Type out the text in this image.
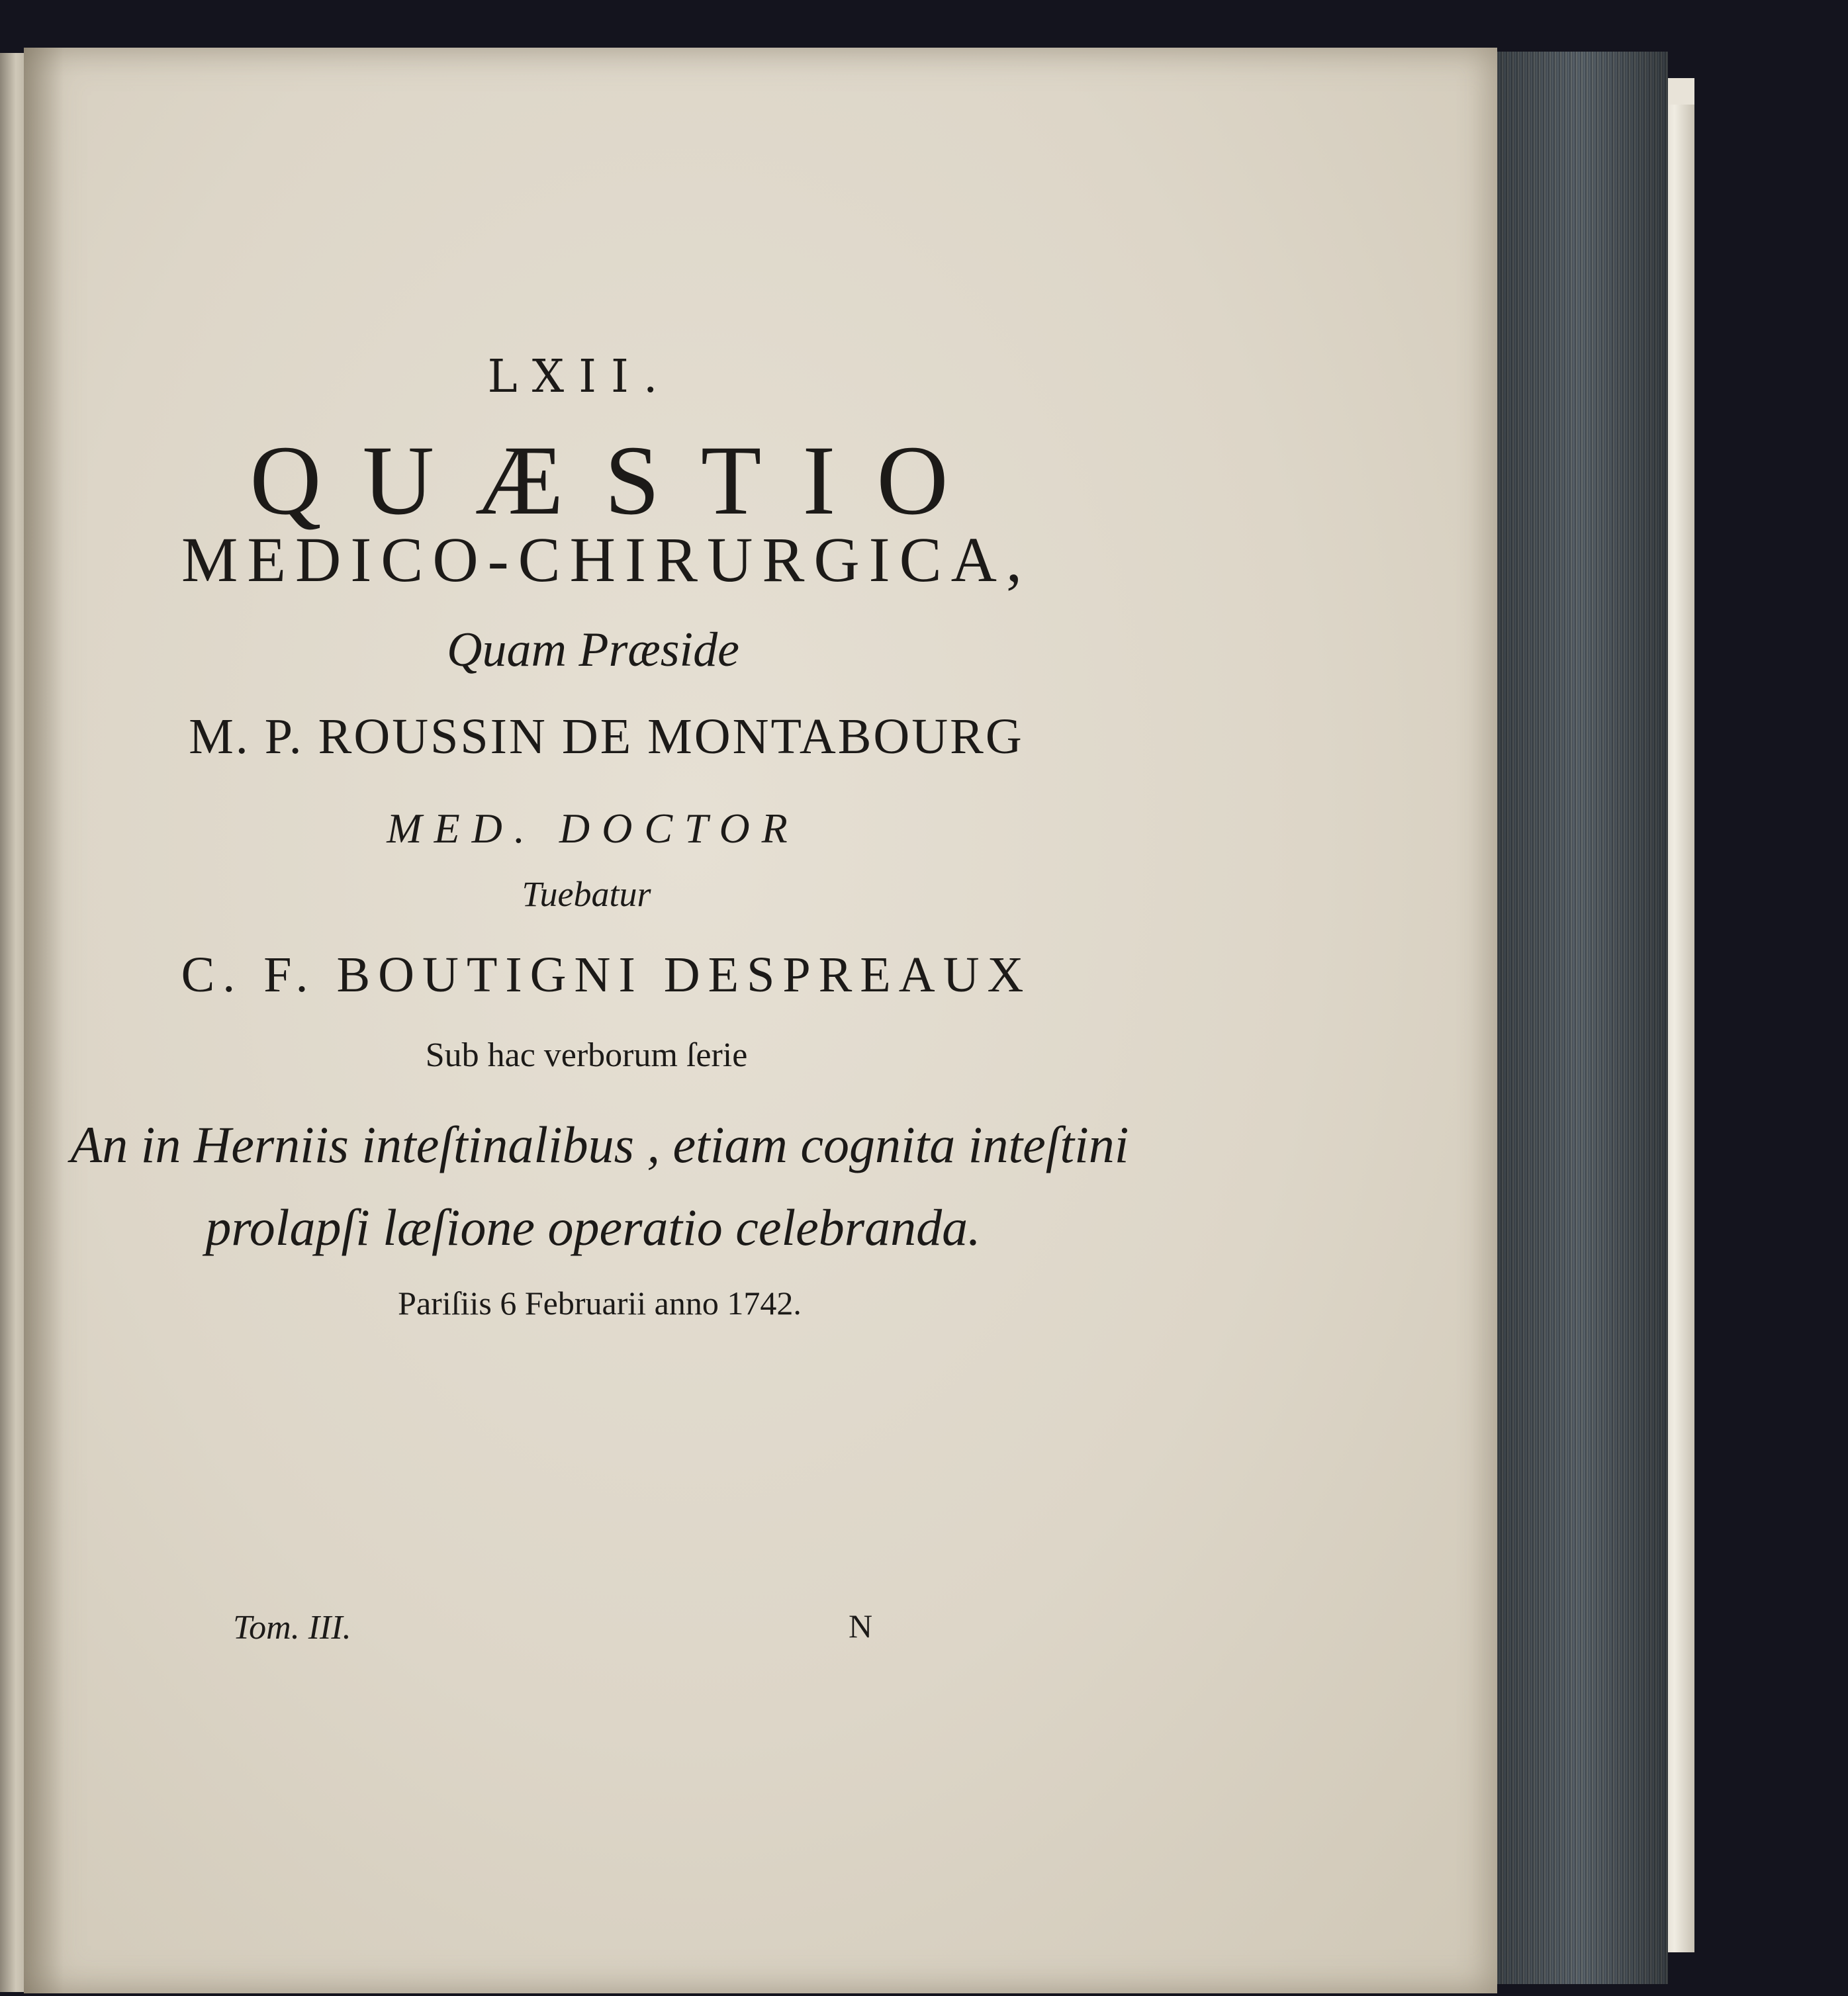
LXII.
QUÆSTIO
MEDICO-CHIRURGICA,
Quam Præside
M. P. ROUSSIN DE MONTABOURG
MED. DOCTOR
Tuebatur
C. F. BOUTIGNI DESPREAUX
Sub hac verborum ſerie
An in Herniis inteſtinalibus , etiam cognita inteſtini
prolapſi læſione operatio celebranda.
Pariſiis 6 Februarii anno 1742.
Tom. III.	N
